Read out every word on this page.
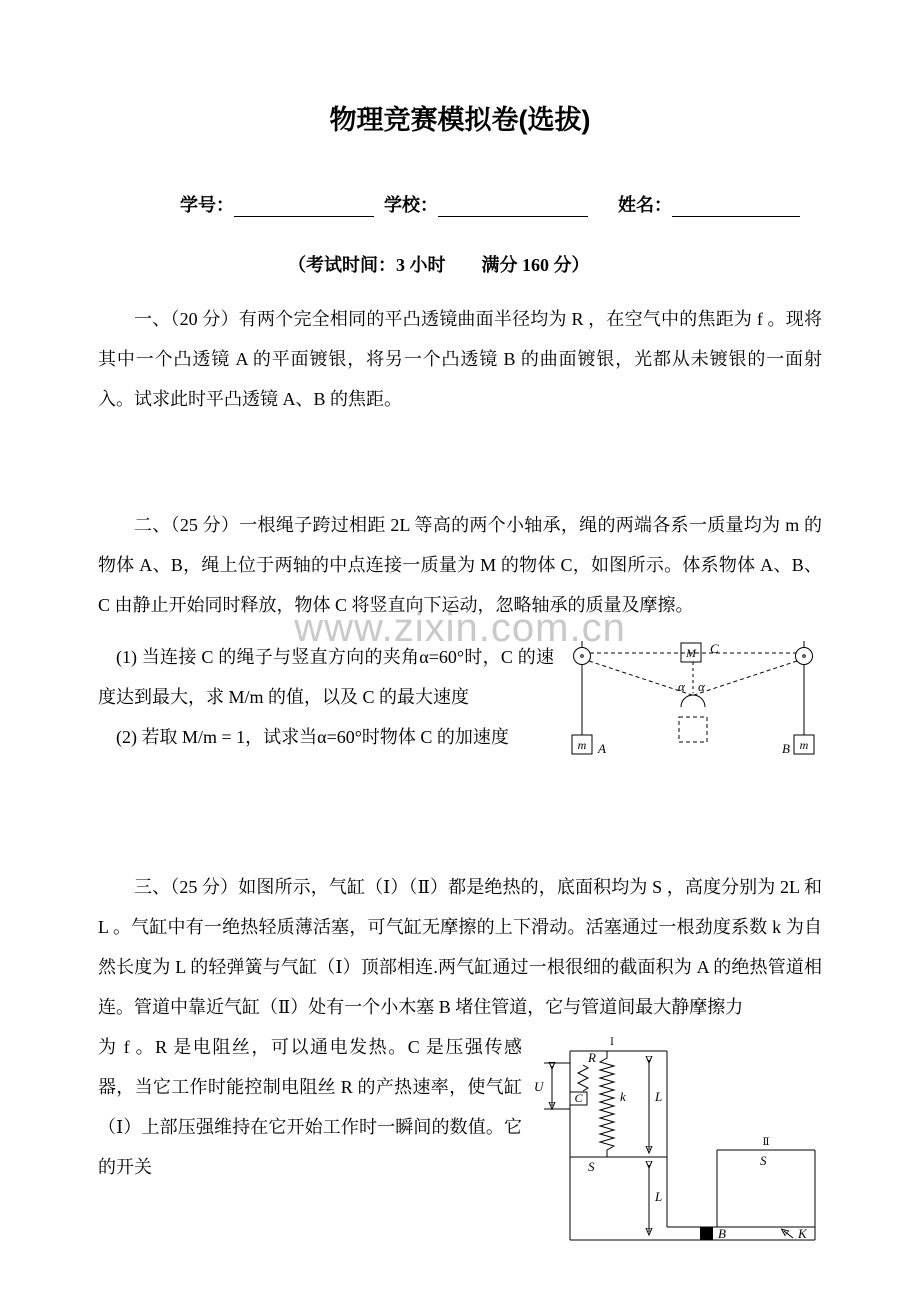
www.zixin.com.cn
物理竞赛模拟卷(选拔)
学号：	学校：	姓名：
（考试时间：3 小时　　满分 160 分）

一、（20 分）有两个完全相同的平凸透镜曲面半径均为 R ，在空气中的焦距为 f 。现将其中一个凸透镜 A 的平面镀银，将另一个凸透镜 B 的曲面镀银，光都从未镀银的一面射入。试求此时平凸透镜 A、B 的焦距。

二、（25 分）一根绳子跨过相距 2L 等高的两个小轴承，绳的两端各系一质量均为 m 的物体 A、B，绳上位于两轴的中点连接一质量为 M 的物体 C，如图所示。体系物体 A、B、C 由静止开始同时释放，物体 C 将竖直向下运动，忽略轴承的质量及摩擦。

M C
α α
m A	m
B

(1) 当连接 C 的绳子与竖直方向的夹角α=60°时，C 的速度达到最大，求 M/m 的值，以及 C 的最大速度

(2) 若取 M/m = 1，试求当α=60°时物体 C 的加速度

三、（25 分）如图所示，气缸（Ⅰ）（Ⅱ）都是绝热的，底面积均为 S ，高度分别为 2L 和 L 。气缸中有一绝热轻质薄活塞，可气缸无摩擦的上下滑动。活塞通过一根劲度系数 k 为自然长度为 L 的轻弹簧与气缸（Ⅰ）顶部相连.两气缸通过一根很细的截面积为 A 的绝热管道相连。管道中靠近气缸（Ⅱ）处有一个小木塞 B 堵住管道，它与管道间最大静摩擦力

Ⅰ
S
U
R
C	k L
L
Ⅱ
S
B	K

为 f 。R 是电阻丝，可以通电发热。C 是压强传感器，当它工作时能控制电阻丝 R 的产热速率，使气缸（Ⅰ）上部压强维持在它开始工作时一瞬间的数值。它的开关
